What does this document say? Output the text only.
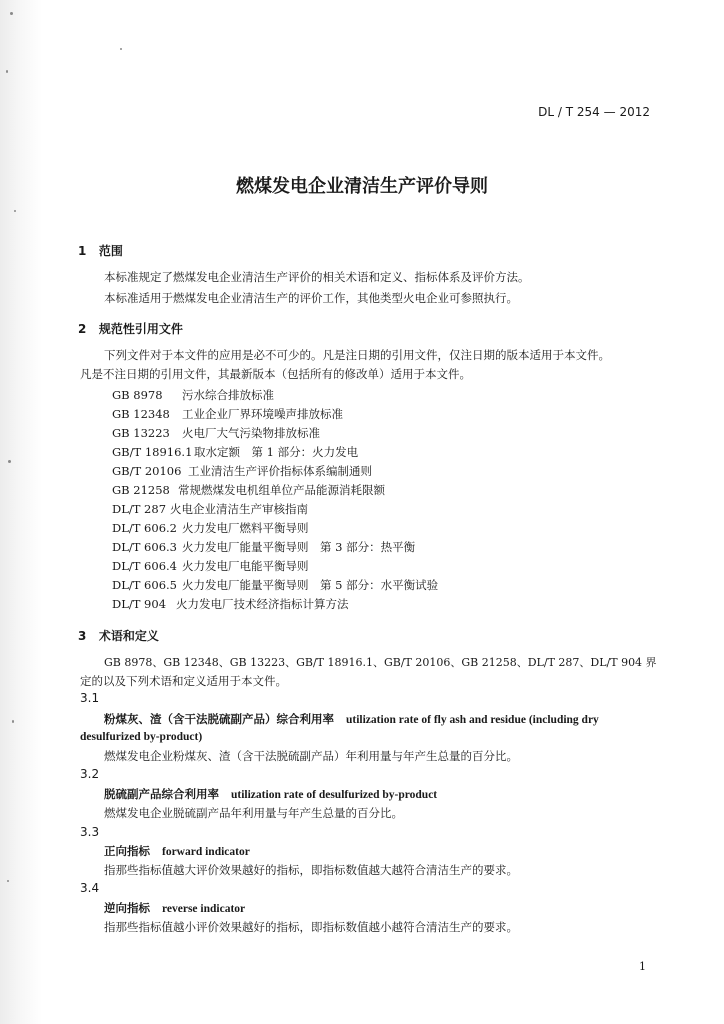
DL / T 254 — 2012
燃煤发电企业清洁生产评价导则
1 范围
本标准规定了燃煤发电企业清洁生产评价的相关术语和定义、指标体系及评价方法。
本标准适用于燃煤发电企业清洁生产的评价工作，其他类型火电企业可参照执行。
2 规范性引用文件
下列文件对于本文件的应用是必不可少的。凡是注日期的引用文件，仅注日期的版本适用于本文件。
凡是不注日期的引用文件，其最新版本（包括所有的修改单）适用于本文件。
GB 8978 污水综合排放标准
GB 12348 工业企业厂界环境噪声排放标准
GB 13223 火电厂大气污染物排放标准
GB/T 18916.1 取水定额　第 1 部分：火力发电
GB/T 20106 工业清洁生产评价指标体系编制通则
GB 21258 常规燃煤发电机组单位产品能源消耗限额
DL/T 287 火电企业清洁生产审核指南
DL/T 606.2 火力发电厂燃料平衡导则
DL/T 606.3 火力发电厂能量平衡导则　第 3 部分：热平衡
DL/T 606.4 火力发电厂电能平衡导则
DL/T 606.5 火力发电厂能量平衡导则　第 5 部分：水平衡试验
DL/T 904 火力发电厂技术经济指标计算方法
3 术语和定义
GB 8978、GB 12348、GB 13223、GB/T 18916.1、GB/T 20106、GB 21258、DL/T 287、DL/T 904 界
定的以及下列术语和定义适用于本文件。
3.1
粉煤灰、渣（含干法脱硫副产品）综合利用率 utilization rate of fly ash and residue (including dry
desulfurized by-product)
燃煤发电企业粉煤灰、渣（含干法脱硫副产品）年利用量与年产生总量的百分比。
3.2
脱硫副产品综合利用率 utilization rate of desulfurized by-product
燃煤发电企业脱硫副产品年利用量与年产生总量的百分比。
3.3
正向指标 forward indicator
指那些指标值越大评价效果越好的指标，即指标数值越大越符合清洁生产的要求。
3.4
逆向指标 reverse indicator
指那些指标值越小评价效果越好的指标，即指标数值越小越符合清洁生产的要求。
1
